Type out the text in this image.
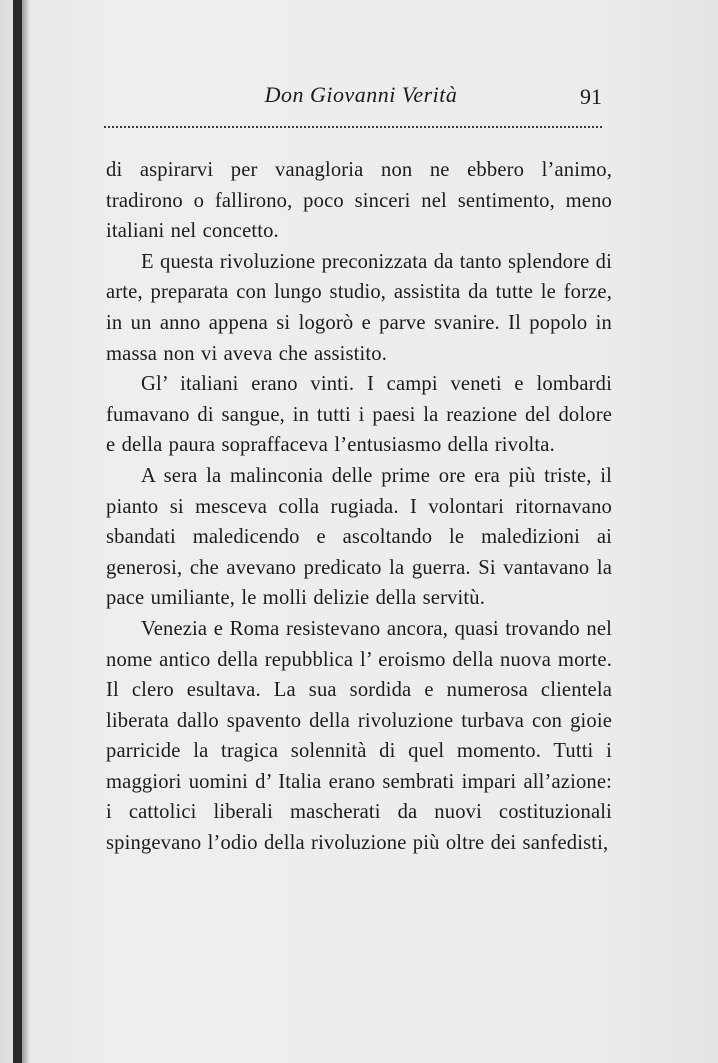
Don Giovanni Verità	91

di aspirarvi per vanagloria non ne ebbero l’animo, tradirono o fallirono, poco sinceri nel sentimento, meno italiani nel concetto.

E questa rivoluzione preconizzata da tanto splendore di arte, preparata con lungo studio, assistita da tutte le forze, in un anno appena si logorò e parve svanire. Il popolo in massa non vi aveva che assistito.

Gl’ italiani erano vinti. I campi veneti e lombardi fumavano di sangue, in tutti i paesi la reazione del dolore e della paura sopraffaceva l’entusiasmo della rivolta.

A sera la malinconia delle prime ore era più triste, il pianto si mesceva colla rugiada. I volontari ritornavano sbandati maledicendo e ascoltando le maledizioni ai generosi, che avevano predicato la guerra. Si vantavano la pace umiliante, le molli delizie della servitù.

Venezia e Roma resistevano ancora, quasi trovando nel nome antico della repubblica l’ eroismo della nuova morte. Il clero esultava. La sua sordida e numerosa clientela liberata dallo spavento della rivoluzione turbava con gioie parricide la tragica solennità di quel momento. Tutti i maggiori uomini d’ Italia erano sembrati impari all’azione: i cattolici liberali mascherati da nuovi costituzionali spingevano l’odio della rivoluzione più oltre dei sanfedisti,
